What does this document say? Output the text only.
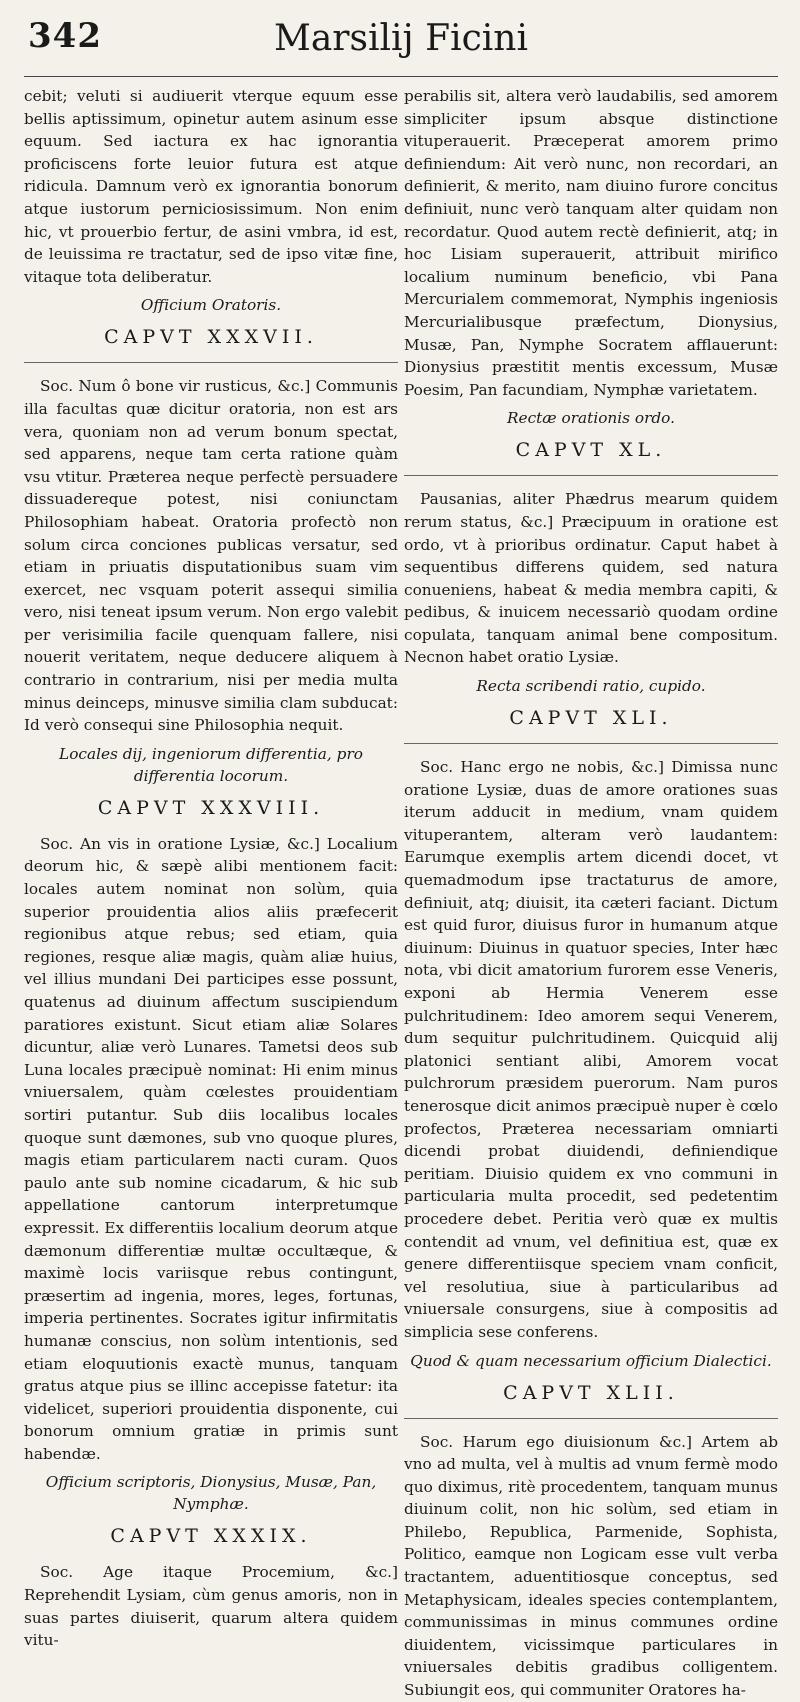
342	Marsilij Ficini

cebit; veluti si audiuerit vterque equum esse bellis aptissimum, opinetur autem asinum esse equum. Sed iactura ex hac ignorantia proficiscens forte leuior futura est atque ridicula. Damnum verò ex ignorantia bonorum atque iustorum perniciosissimum. Non enim hic, vt prouerbio fertur, de asini vmbra, id est, de leuissima re tractatur, sed de ipso vitæ fine, vitaque tota deliberatur.

Officium Oratoris.
CAPVT XXXVII.

Soc. Num ô bone vir rusticus, &c.] Communis illa facultas quæ dicitur oratoria, non est ars vera, quoniam non ad verum bonum spectat, sed apparens, neque tam certa ratione quàm vsu vtitur. Præterea neque perfectè persuadere dissuadereque potest, nisi coniunctam Philosophiam habeat. Oratoria profectò non solum circa conciones publicas versatur, sed etiam in priuatis disputationibus suam vim exercet, nec vsquam poterit assequi similia vero, nisi teneat ipsum verum. Non ergo valebit per verisimilia facile quenquam fallere, nisi nouerit veritatem, neque deducere aliquem à contrario in contrarium, nisi per media multa minus deinceps, minusve similia clam subducat: Id verò consequi sine Philosophia nequit.

Locales dij, ingeniorum differentia, pro differentia locorum.
CAPVT XXXVIII.

Soc. An vis in oratione Lysiæ, &c.] Localium deorum hic, & sæpè alibi mentionem facit: locales autem nominat non solùm, quia superior prouidentia alios aliis præfecerit regionibus atque rebus; sed etiam, quia regiones, resque aliæ magis, quàm aliæ huius, vel illius mundani Dei participes esse possunt, quatenus ad diuinum affectum suscipiendum paratiores existunt. Sicut etiam aliæ Solares dicuntur, aliæ verò Lunares. Tametsi deos sub Luna locales præcipuè nominat: Hi enim minus vniuersalem, quàm cœlestes prouidentiam sortiri putantur. Sub diis localibus locales quoque sunt dæmones, sub vno quoque plures, magis etiam particularem nacti curam. Quos paulo ante sub nomine cicadarum, & hic sub appellatione cantorum interpretumque expressit. Ex differentiis localium deorum atque dæmonum differentiæ multæ occultæque, & maximè locis variisque rebus contingunt, præsertim ad ingenia, mores, leges, fortunas, imperia pertinentes. Socrates igitur infirmitatis humanæ conscius, non solùm intentionis, sed etiam eloquutionis exactè munus, tanquam gratus atque pius se illinc accepisse fatetur: ita videlicet, superiori prouidentia disponente, cui bonorum omnium gratiæ in primis sunt habendæ.

Officium scriptoris, Dionysius, Musæ, Pan, Nymphæ.
CAPVT XXXIX.

Soc. Age itaque Procemium, &c.] Reprehendit Lysiam, cùm genus amoris, non in suas partes diuiserit, quarum altera quidem vitu-

perabilis sit, altera verò laudabilis, sed amorem simpliciter ipsum absque distinctione vituperauerit. Præceperat amorem primo definiendum: Ait verò nunc, non recordari, an definierit, & merito, nam diuino furore concitus definiuit, nunc verò tanquam alter quidam non recordatur. Quod autem rectè definierit, atq; in hoc Lisiam superauerit, attribuit mirifico localium numinum beneficio, vbi Pana Mercurialem commemorat, Nymphis ingeniosis Mercurialibusque præfectum, Dionysius, Musæ, Pan, Nymphe Socratem afflauerunt: Dionysius præstitit mentis excessum, Musæ Poesim, Pan facundiam, Nymphæ varietatem.

Rectæ orationis ordo.
CAPVT XL.

Pausanias, aliter Phædrus mearum quidem rerum status, &c.] Præcipuum in oratione est ordo, vt à prioribus ordinatur. Caput habet à sequentibus differens quidem, sed natura conueniens, habeat & media membra capiti, & pedibus, & inuicem necessariò quodam ordine copulata, tanquam animal bene compositum. Necnon habet oratio Lysiæ.

Recta scribendi ratio, cupido.
CAPVT XLI.

Soc. Hanc ergo ne nobis, &c.] Dimissa nunc oratione Lysiæ, duas de amore orationes suas iterum adducit in medium, vnam quidem vituperantem, alteram verò laudantem: Earumque exemplis artem dicendi docet, vt quemadmodum ipse tractaturus de amore, definiuit, atq; diuisit, ita cæteri faciant. Dictum est quid furor, diuisus furor in humanum atque diuinum: Diuinus in quatuor species, Inter hæc nota, vbi dicit amatorium furorem esse Veneris, exponi ab Hermia Venerem esse pulchritudinem: Ideo amorem sequi Venerem, dum sequitur pulchritudinem. Quicquid alij platonici sentiant alibi, Amorem vocat pulchrorum præsidem puerorum. Nam puros tenerosque dicit animos præcipuè nuper è cœlo profectos, Præterea necessariam omniarti dicendi probat diuidendi, definiendique peritiam. Diuisio quidem ex vno communi in particularia multa procedit, sed pedetentim procedere debet. Peritia verò quæ ex multis contendit ad vnum, vel definitiua est, quæ ex genere differentiisque speciem vnam conficit, vel resolutiua, siue à particularibus ad vniuersale consurgens, siue à compositis ad simplicia sese conferens.

Quod & quam necessarium officium Dialectici.
CAPVT XLII.

Soc. Harum ego diuisionum &c.] Artem ab vno ad multa, vel à multis ad vnum fermè modo quo diximus, ritè procedentem, tanquam munus diuinum colit, non hic solùm, sed etiam in Philebo, Republica, Parmenide, Sophista, Politico, eamque non Logicam esse vult verba tractantem, aduentitiosque conceptus, sed Metaphysicam, ideales species contemplantem, communissimas in minus communes ordine diuidentem, vicissimque particulares in vniuersales debitis gradibus colligentem. Subiungit eos, qui communiter Oratores ha-
